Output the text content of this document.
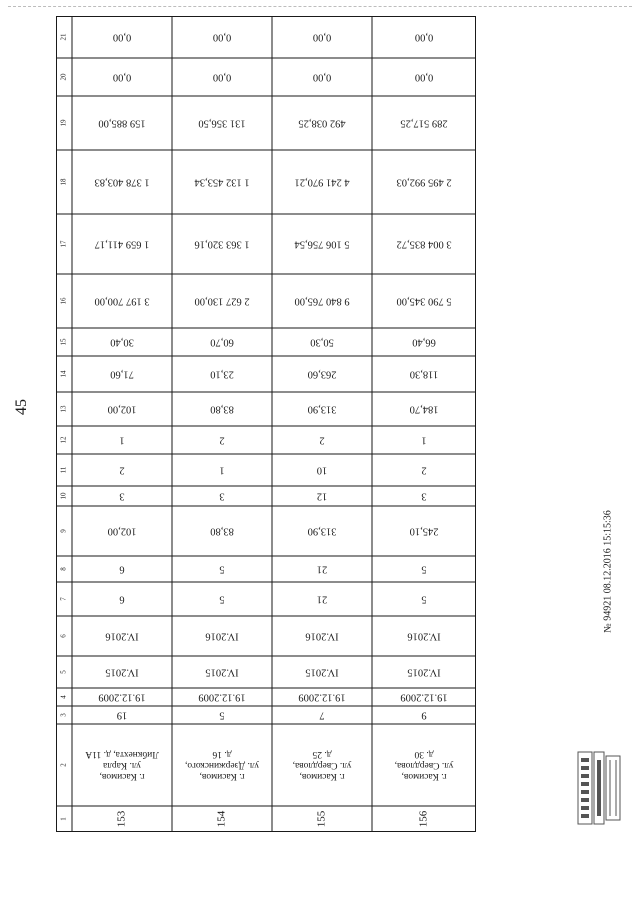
45
21
20
19
18
17
16
15
14
13
12
11
10
9
8
7
6
5
4
3
2
1
0,00
0,00
159 885,00
1 378 403,83
1 659 411,17
3 197 700,00
30,40
71,60
102,00
1
2
3
102,00
6
6
IV.2016
IV.2015
19.12.2009
19
г. Касимов,
ул. Карла
Либкнехта, д. 11А
153
0,00
0,00
131 356,50
1 132 453,34
1 363 320,16
2 627 130,00
60,70
23,10
83,80
2
1
3
83,80
5
5
IV.2016
IV.2015
19.12.2009
5
г. Касимов,
ул. Дзержинского,
д. 16
154
0,00
0,00
492 038,25
4 241 970,21
5 106 756,54
9 840 765,00
50,30
263,60
313,90
2
10
12
313,90
21
21
IV.2016
IV.2015
19.12.2009
7
г. Касимов,
ул. Свердлова,
д. 25
155
0,00
0,00
289 517,25
2 495 992,03
3 004 835,72
5 790 345,00
66,40
118,30
184,70
1
2
3
245,10
5
5
IV.2016
IV.2015
19.12.2009
9
г. Касимов,
ул. Свердлова,
д. 30
156
№ 94921 08.12.2016 15:15:36
